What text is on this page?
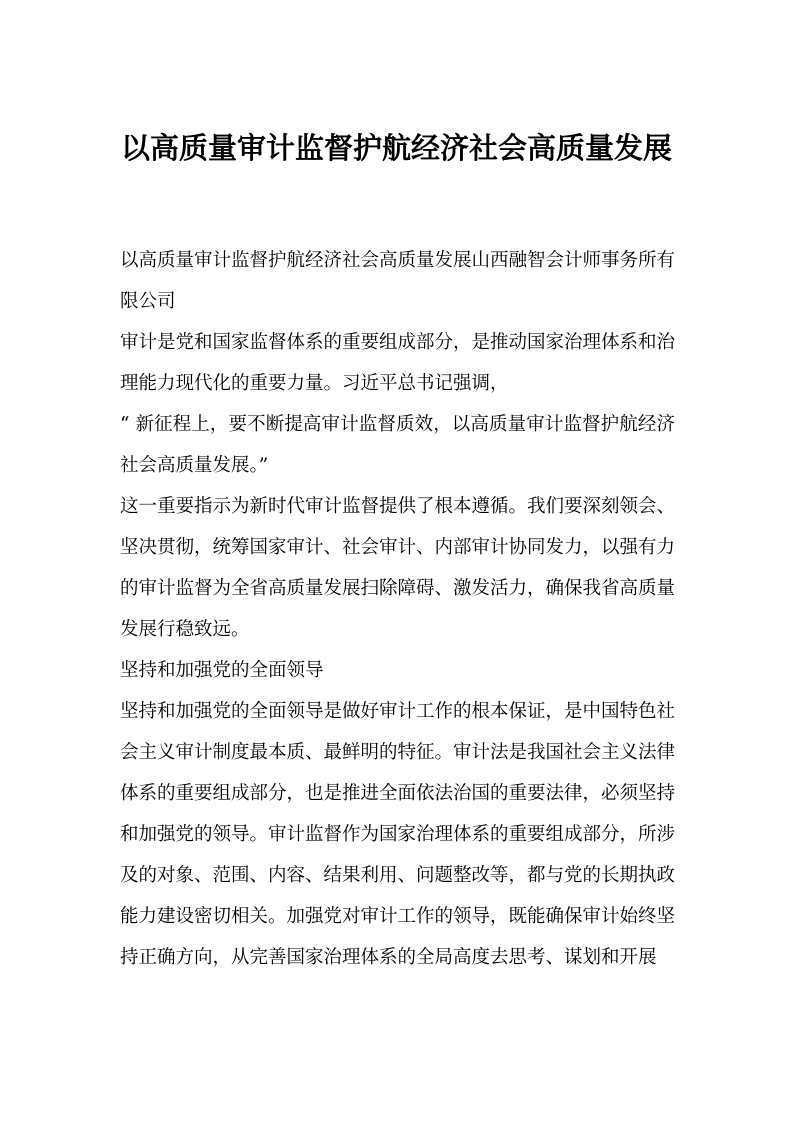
以高质量审计监督护航经济社会高质量发展

以高质量审计监督护航经济社会高质量发展山西融智会计师事务所有限公司

审计是党和国家监督体系的重要组成部分，是推动国家治理体系和治理能力现代化的重要力量。习近平总书记强调，

“ 新征程上，要不断提高审计监督质效，以高质量审计监督护航经济社会高质量发展。”

这一重要指示为新时代审计监督提供了根本遵循。我们要深刻领会、坚决贯彻，统筹国家审计、社会审计、内部审计协同发力，以强有力的审计监督为全省高质量发展扫除障碍、激发活力，确保我省高质量发展行稳致远。

坚持和加强党的全面领导

坚持和加强党的全面领导是做好审计工作的根本保证，是中国特色社会主义审计制度最本质、最鲜明的特征。审计法是我国社会主义法律体系的重要组成部分，也是推进全面依法治国的重要法律，必须坚持和加强党的领导。审计监督作为国家治理体系的重要组成部分，所涉及的对象、范围、内容、结果利用、问题整改等，都与党的长期执政能力建设密切相关。加强党对审计工作的领导，既能确保审计始终坚持正确方向，从完善国家治理体系的全局高度去思考、谋划和开展
